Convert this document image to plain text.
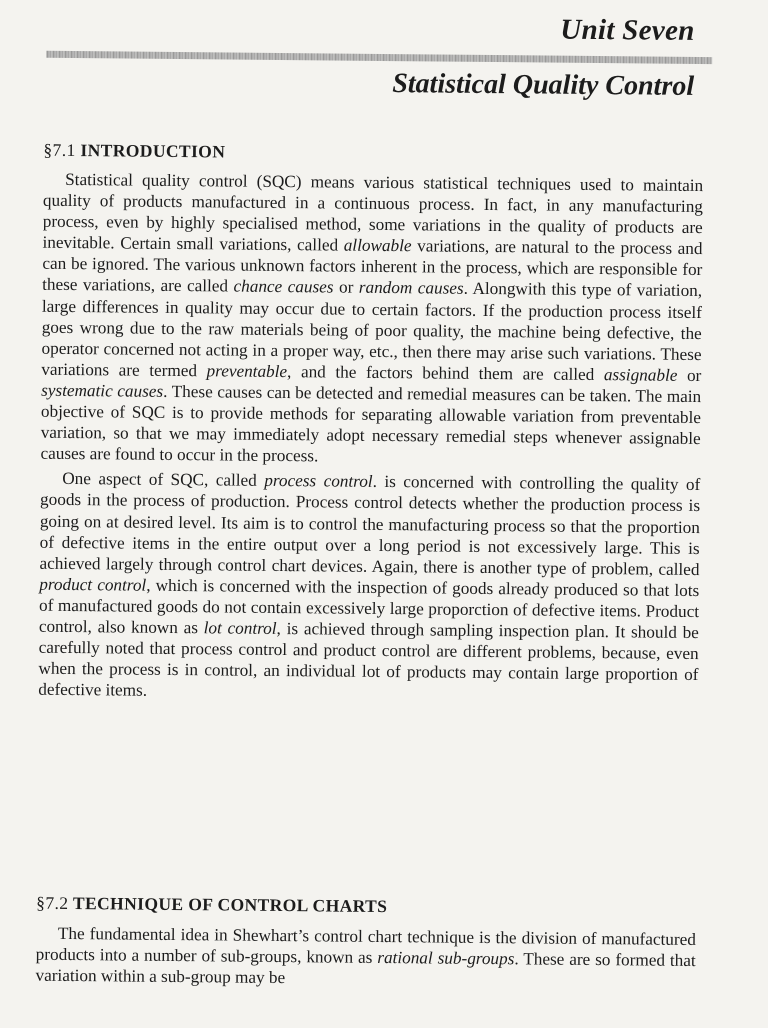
Unit Seven
Statistical Quality Control
§7.1 INTRODUCTION

Statistical quality control (SQC) means various statistical techniques used to maintain quality of products manufactured in a continuous process. In fact, in any manufacturing process, even by highly specialised method, some variations in the quality of products are inevitable. Certain small variations, called allowable variations, are natural to the process and can be ignored. The various unknown factors inherent in the process, which are responsible for these variations, are called chance causes or random causes. Alongwith this type of variation, large differences in quality may occur due to certain factors. If the production process itself goes wrong due to the raw materials being of poor quality, the machine being defective, the operator concerned not acting in a proper way, etc., then there may arise such variations. These variations are termed preventable, and the factors behind them are called assignable or systematic causes. These causes can be detected and remedial measures can be taken. The main objective of SQC is to provide methods for separating allowable variation from preventable variation, so that we may immediately adopt necessary remedial steps whenever assignable causes are found to occur in the process.

One aspect of SQC, called process control. is concerned with controlling the quality of goods in the process of production. Process control detects whether the production process is going on at desired level. Its aim is to control the manufacturing process so that the proportion of defective items in the entire output over a long period is not excessively large. This is achieved largely through control chart devices. Again, there is another type of problem, called product control, which is concerned with the inspection of goods already produced so that lots of manufactured goods do not contain excessively large proporction of defective items. Product control, also known as lot control, is achieved through sampling inspection plan. It should be carefully noted that process control and product control are different problems, because, even when the process is in control, an individual lot of products may contain large proportion of defective items.

§7.2 TECHNIQUE OF CONTROL CHARTS

The fundamental idea in Shewhart’s control chart technique is the division of manufactured products into a number of sub-groups, known as rational sub-groups. These are so formed that variation within a sub-group may be
